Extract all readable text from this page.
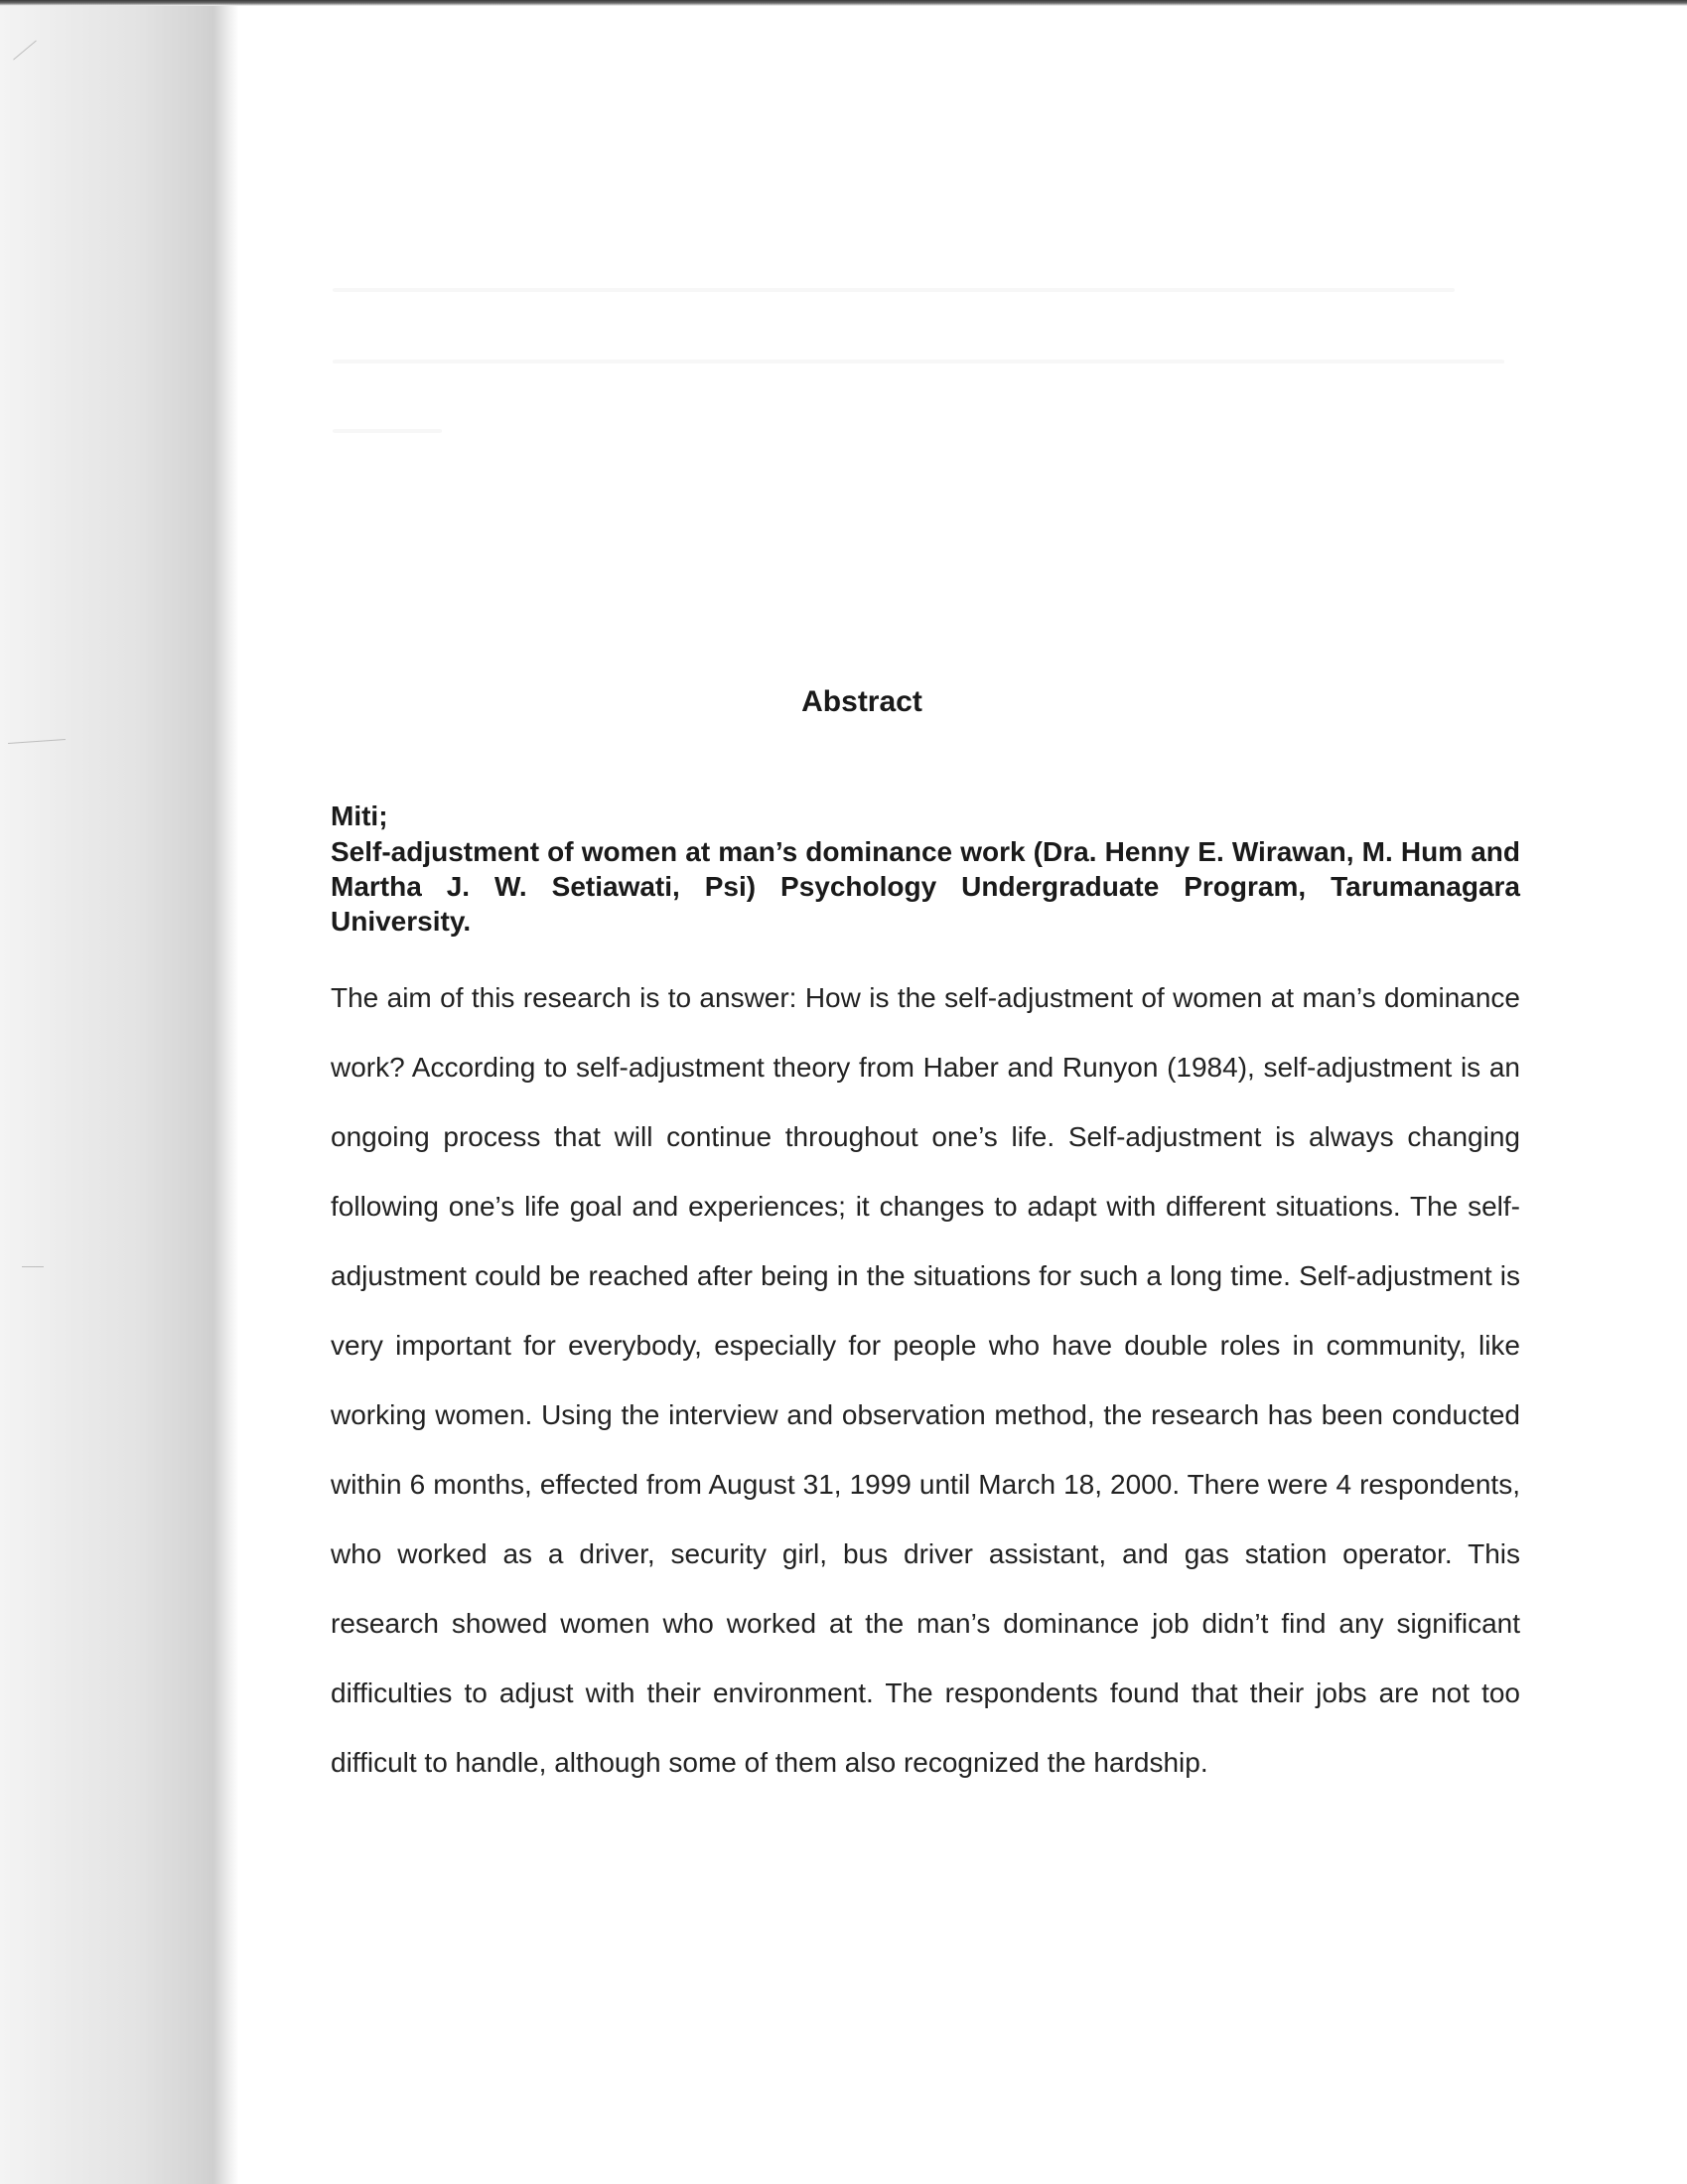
Abstract
Miti;
Self-adjustment of women at man’s dominance work (Dra. Henny E. Wirawan, M. Hum and Martha J. W. Setiawati, Psi) Psychology Undergraduate Program, Tarumanagara University.
The aim of this research is to answer: How is the self-adjustment of women at man’s dominance work? According to self-adjustment theory from Haber and Runyon (1984), self-adjustment is an ongoing process that will continue throughout one’s life. Self-adjustment is always changing following one’s life goal and experiences; it changes to adapt with different situations. The self-adjustment could be reached after being in the situations for such a long time. Self-adjustment is very important for everybody, especially for people who have double roles in community, like working women. Using the interview and observation method, the research has been conducted within 6 months, effected from August 31, 1999 until March 18, 2000. There were 4 respondents, who worked as a driver, security girl, bus driver assistant, and gas station operator. This research showed women who worked at the man’s dominance job didn’t find any significant difficulties to adjust with their environment. The respondents found that their jobs are not too difficult to handle, although some of them also recognized the hardship.
